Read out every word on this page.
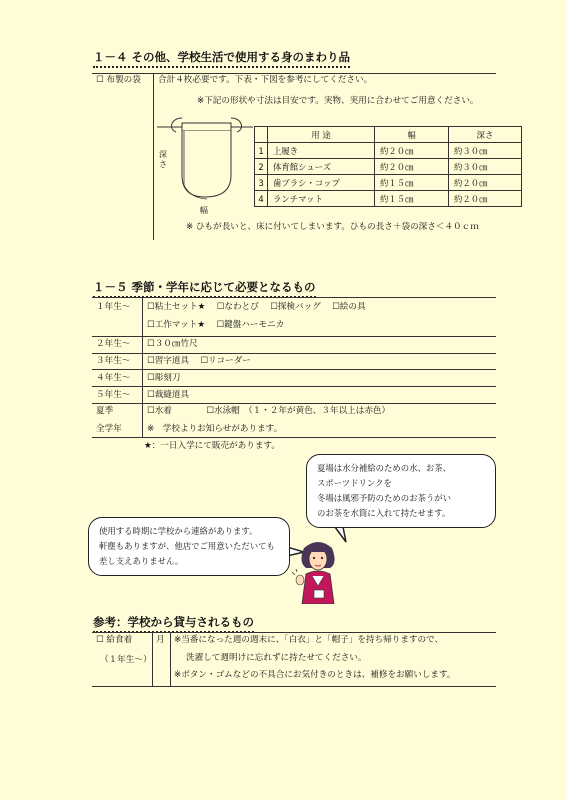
１－４ その他、学校生活で使用する身のまわり品
☐ 布製の袋 合計４枚必要です。下表・下図を参考にしてください。
※下記の形状や寸法は目安です。実物、実用に合わせてご用意ください。
深さ
幅
	用 途	幅	深さ
1	上履き	約２０㎝	約３０㎝
2	体育館シューズ	約２０㎝	約３０㎝
3	歯ブラシ・コップ	約１５㎝	約２０㎝
4	ランチマット	約１５㎝	約２０㎝
※ ひもが長いと、床に付いてしまいます。ひもの長さ＋袋の深さ＜４０ｃｍ
１－５ 季節・学年に応じて必要となるもの
１年生～ ☐粘土セット★　 ☐なわとび 　☐探検バッグ　 ☐絵の具
☐工作マット★ 　☐鍵盤ハーモニカ
２年生～ ☐３０㎝竹尺
３年生～ ☐習字道具　 ☐リコーダー
４年生～ ☐彫刻刀
５年生～ ☐裁縫道具
夏季	☐水着　　　　☐水泳帽　（１・２年が黄色、３年以上は赤色）
全学年	※　学校よりお知らせがあります。
★：一日入学にて販売があります。
夏場は水分補給のための水、お茶、
スポーツドリンクを
冬場は風邪予防のためのお茶うがい
のお茶を水筒に入れて持たせます。
使用する時期に学校から連絡があります。
軒塵もありますが、他店でご用意いただいても
差し支えありません。
参考：学校から貸与されるもの
☐ 給食着
（１年生～）
月 ※当番になった週の週末に、「白衣」と「帽子」を持ち帰りますので、
洗濯して週明けに忘れずに持たせてください。
※ボタン・ゴムなどの不具合にお気付きのときは、補修をお願いします。
